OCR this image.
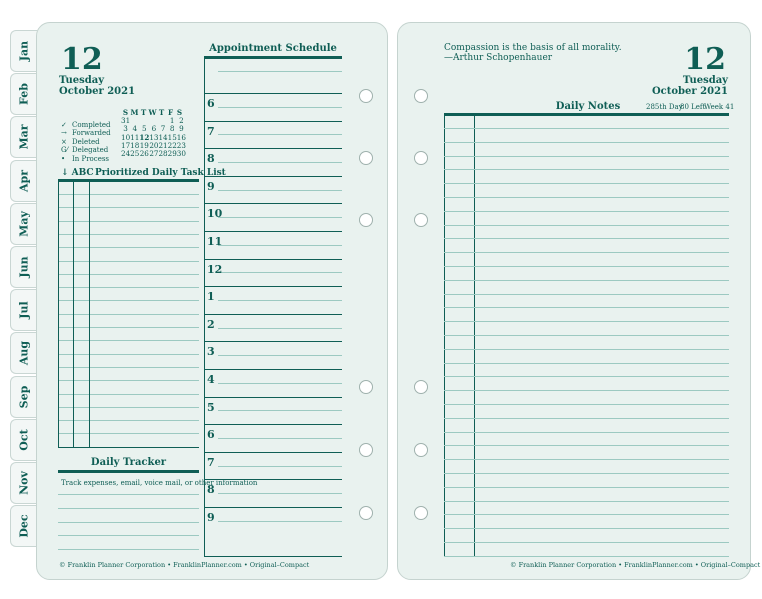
Jan
Feb
Mar
Apr
May
Jun
Jul
Aug
Sep
Oct
Nov
Dec
12
Tuesday
October 2021
S	M	T	W	T	F	S
31					1	2
3	4	5	6	7	8	9
10	11	12	13	14	15	16
17	18	19	20	21	22	23
24	25	26	27	28	29	30
✓ Completed
→ Forwarded
× Deleted
G⁄ Delegated
• In Process
↓ ABC Prioritized Daily Task List
Daily Tracker
Track expenses, email, voice mail, or other information
Appointment Schedule
6
7
8
9
10
11
12
1
2
3
4
5
6
7
8
9
© Franklin Planner Corporation • FranklinPlanner.com • Original–Compact
Compassion is the basis of all morality.
—Arthur Schopenhauer	12
Tuesday
October 2021
Daily Notes	285th Day
80 Left
Week 41
© Franklin Planner Corporation • FranklinPlanner.com • Original–Compact
